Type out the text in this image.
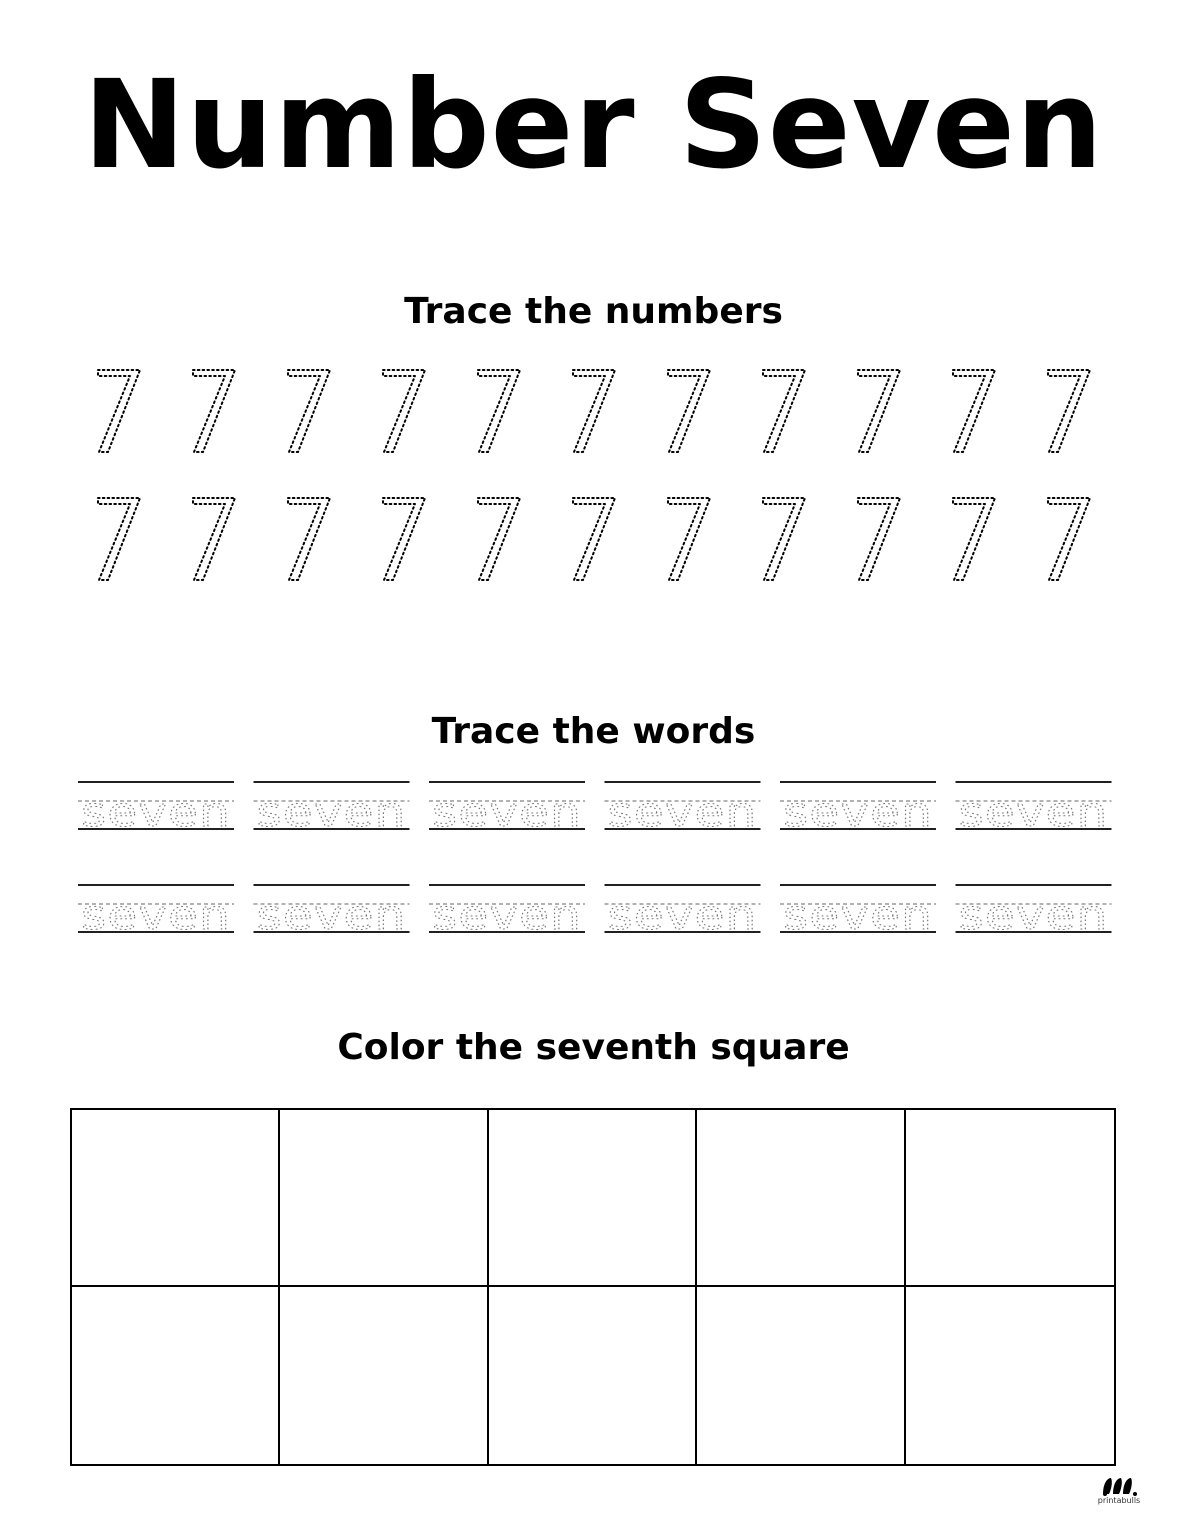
Number Seven
Trace the numbers
Trace the words
seven seven seven seven seven seven
seven seven seven seven seven seven
Color the seventh square
printabulls
